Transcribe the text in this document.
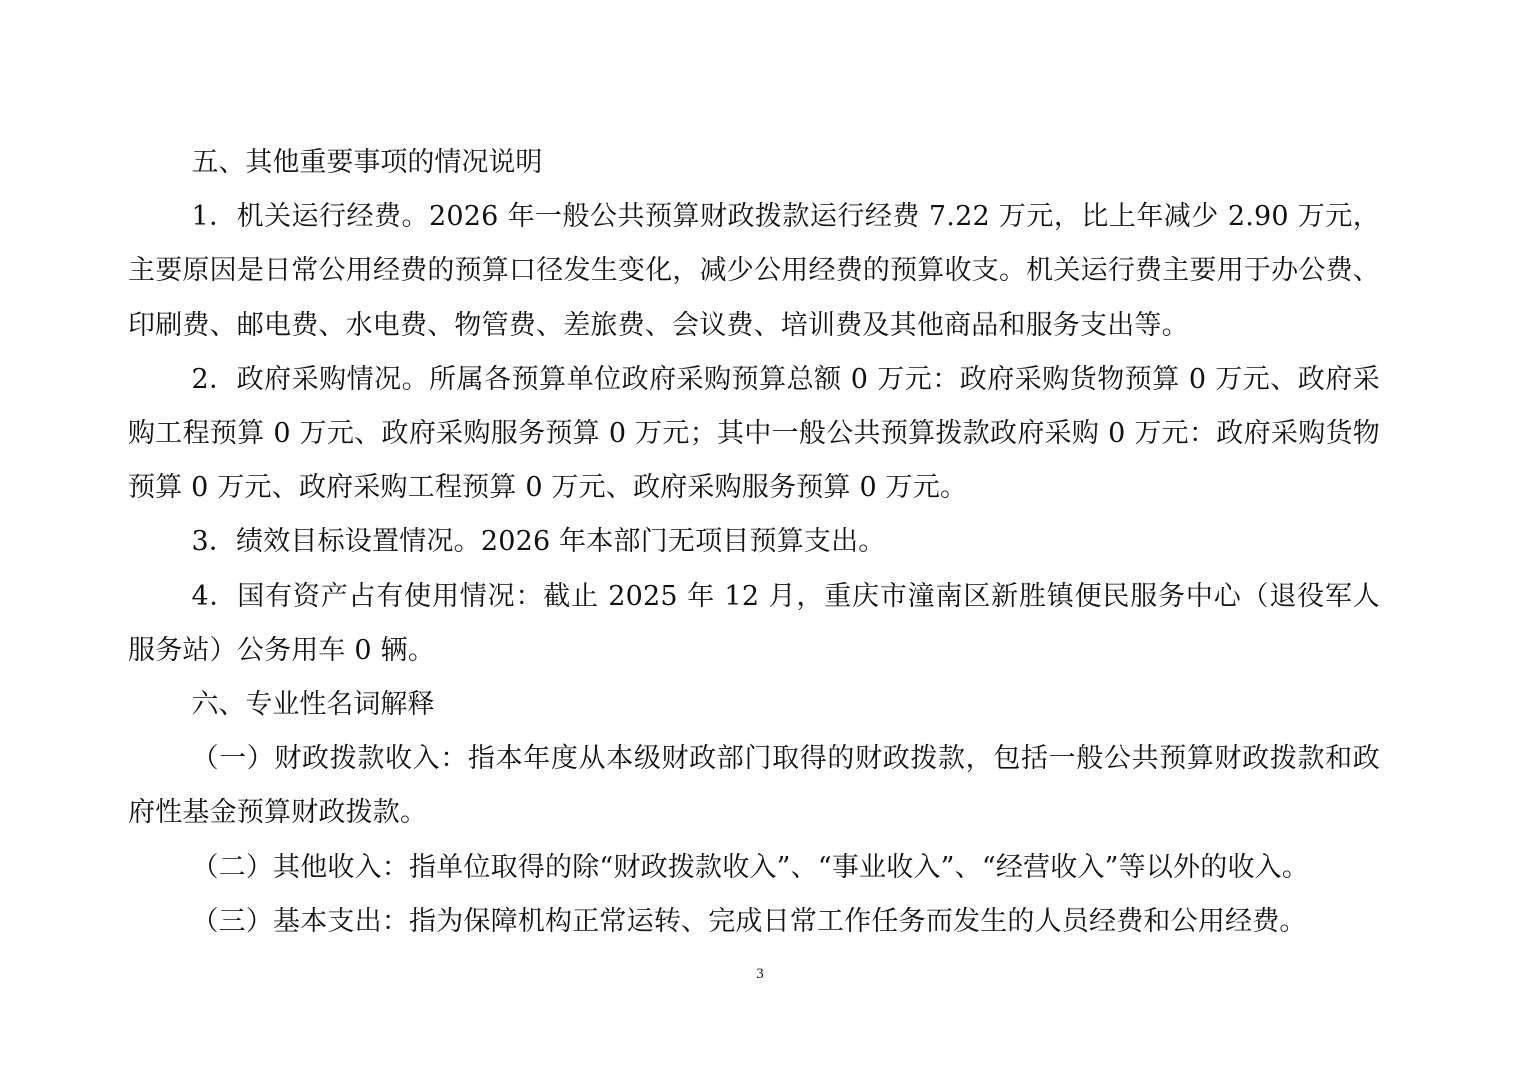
五、其他重要事项的情况说明

1．机关运行经费。2026 年一般公共预算财政拨款运行经费 7.22 万元，比上年减少 2.90 万元，主要原因是日常公用经费的预算口径发生变化，减少公用经费的预算收支。机关运行费主要用于办公费、印刷费、邮电费、水电费、物管费、差旅费、会议费、培训费及其他商品和服务支出等。

2．政府采购情况。所属各预算单位政府采购预算总额 0 万元：政府采购货物预算 0 万元、政府采购工程预算 0 万元、政府采购服务预算 0 万元；其中一般公共预算拨款政府采购 0 万元：政府采购货物预算 0 万元、政府采购工程预算 0 万元、政府采购服务预算 0 万元。

3．绩效目标设置情况。2026 年本部门无项目预算支出。

4．国有资产占有使用情况：截止 2025 年 12 月，重庆市潼南区新胜镇便民服务中心（退役军人服务站）公务用车 0 辆。

六、专业性名词解释

（一）财政拨款收入：指本年度从本级财政部门取得的财政拨款，包括一般公共预算财政拨款和政府性基金预算财政拨款。

（二）其他收入：指单位取得的除“财政拨款收入”、“事业收入”、“经营收入”等以外的收入。

（三）基本支出：指为保障机构正常运转、完成日常工作任务而发生的人员经费和公用经费。

3
